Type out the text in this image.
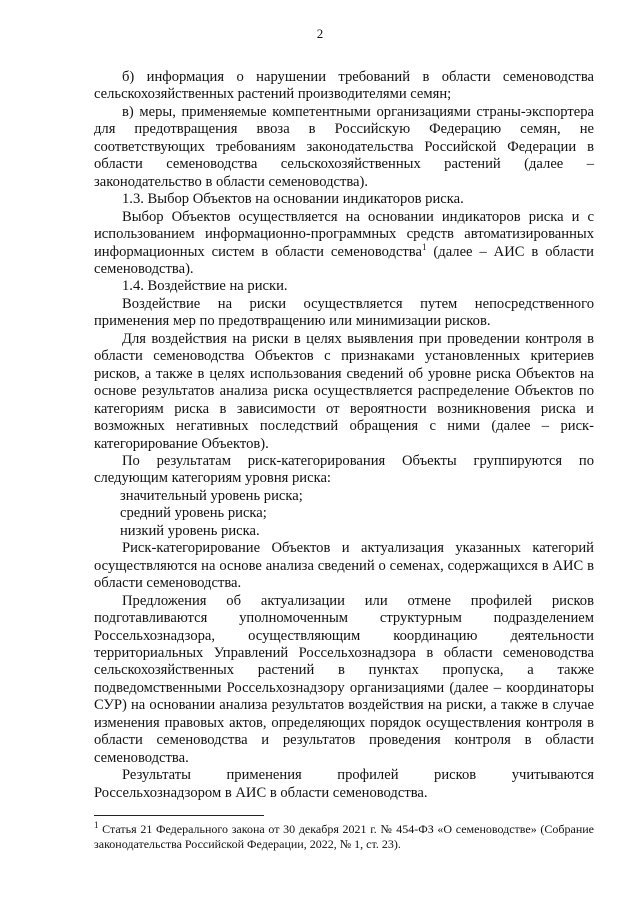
2

б) информация о нарушении требований в области семеноводства сельскохозяйственных растений производителями семян;

в) меры, применяемые компетентными организациями страны-экспортера для предотвращения ввоза в Российскую Федерацию семян, не соответствующих требованиям законодательства Российской Федерации в области семеноводства сельскохозяйственных растений (далее – законодательство в области семеноводства).

1.3. Выбор Объектов на основании индикаторов риска.

Выбор Объектов осуществляется на основании индикаторов риска и с использованием информационно-программных средств автоматизированных информационных систем в области семеноводства$^1$ (далее – АИС в области семеноводства).

1.4. Воздействие на риски.

Воздействие на риски осуществляется путем непосредственного применения мер по предотвращению или минимизации рисков.

Для воздействия на риски в целях выявления при проведении контроля в области семеноводства Объектов с признаками установленных критериев рисков, а также в целях использования сведений об уровне риска Объектов на основе результатов анализа риска осуществляется распределение Объектов по категориям риска в зависимости от вероятности возникновения риска и возможных негативных последствий обращения с ними (далее – риск-категорирование Объектов).

По результатам риск-категорирования Объекты группируются по следующим категориям уровня риска:

значительный уровень риска;

средний уровень риска;

низкий уровень риска.

Риск-категорирование Объектов и актуализация указанных категорий осуществляются на основе анализа сведений о семенах, содержащихся в АИС в области семеноводства.

Предложения об актуализации или отмене профилей рисков подготавливаются уполномоченным структурным подразделением Россельхознадзора, осуществляющим координацию деятельности территориальных Управлений Россельхознадзора в области семеноводства сельскохозяйственных растений в пунктах пропуска, а также подведомственными Россельхознадзору организациями (далее – координаторы СУР) на основании анализа результатов воздействия на риски, а также в случае изменения правовых актов, определяющих порядок осуществления контроля в области семеноводства и результатов проведения контроля в области семеноводства.

Результаты применения профилей рисков учитываются Россельхознадзором в АИС в области семеноводства.

$^1$ Статья 21 Федерального закона от 30 декабря 2021 г. № 454-ФЗ «О семеноводстве» (Собрание законодательства Российской Федерации, 2022, № 1, ст. 23).
